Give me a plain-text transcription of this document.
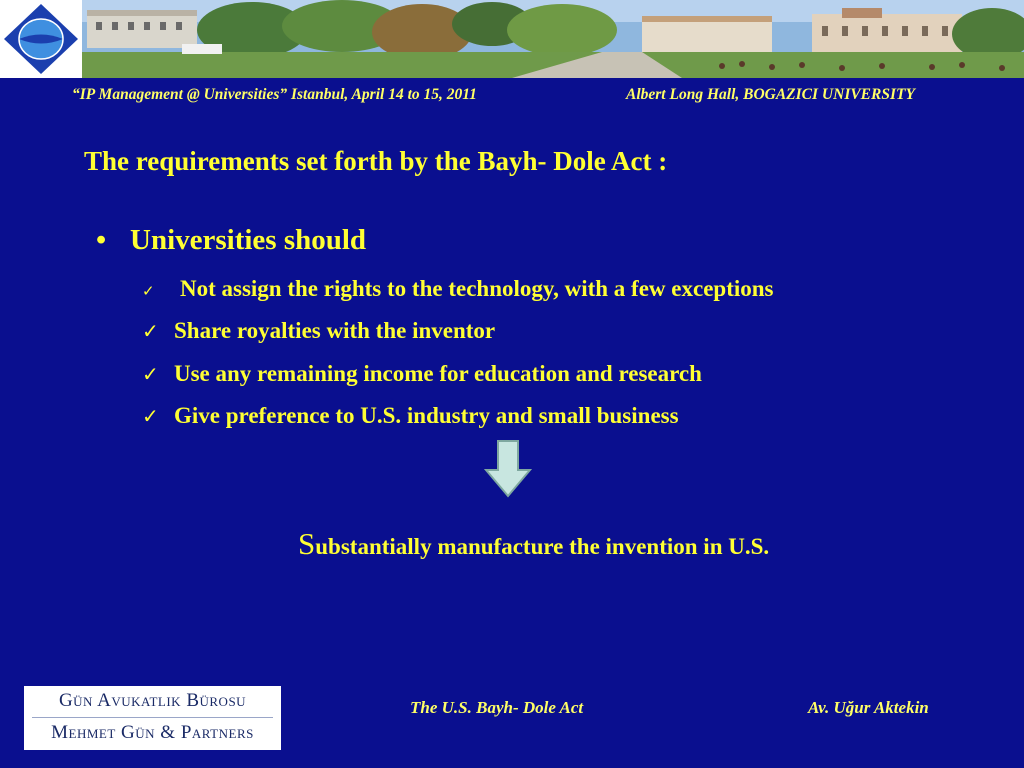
“IP Management @ Universities” Istanbul, April 14 to 15, 2011	Albert Long Hall, BOGAZICI UNIVERSITY
The requirements set forth by the Bayh- Dole Act :
• Universities should
✓ Not assign the rights to the technology, with a few exceptions
✓ Share royalties with the inventor
✓ Use any remaining income for education and research
✓ Give preference to U.S. industry and small business
Substantially manufacture the invention in U.S.
Gün Avukatlık Bürosu
Mehmet Gün & Partners
The U.S. Bayh- Dole Act	Av. Uğur Aktekin
